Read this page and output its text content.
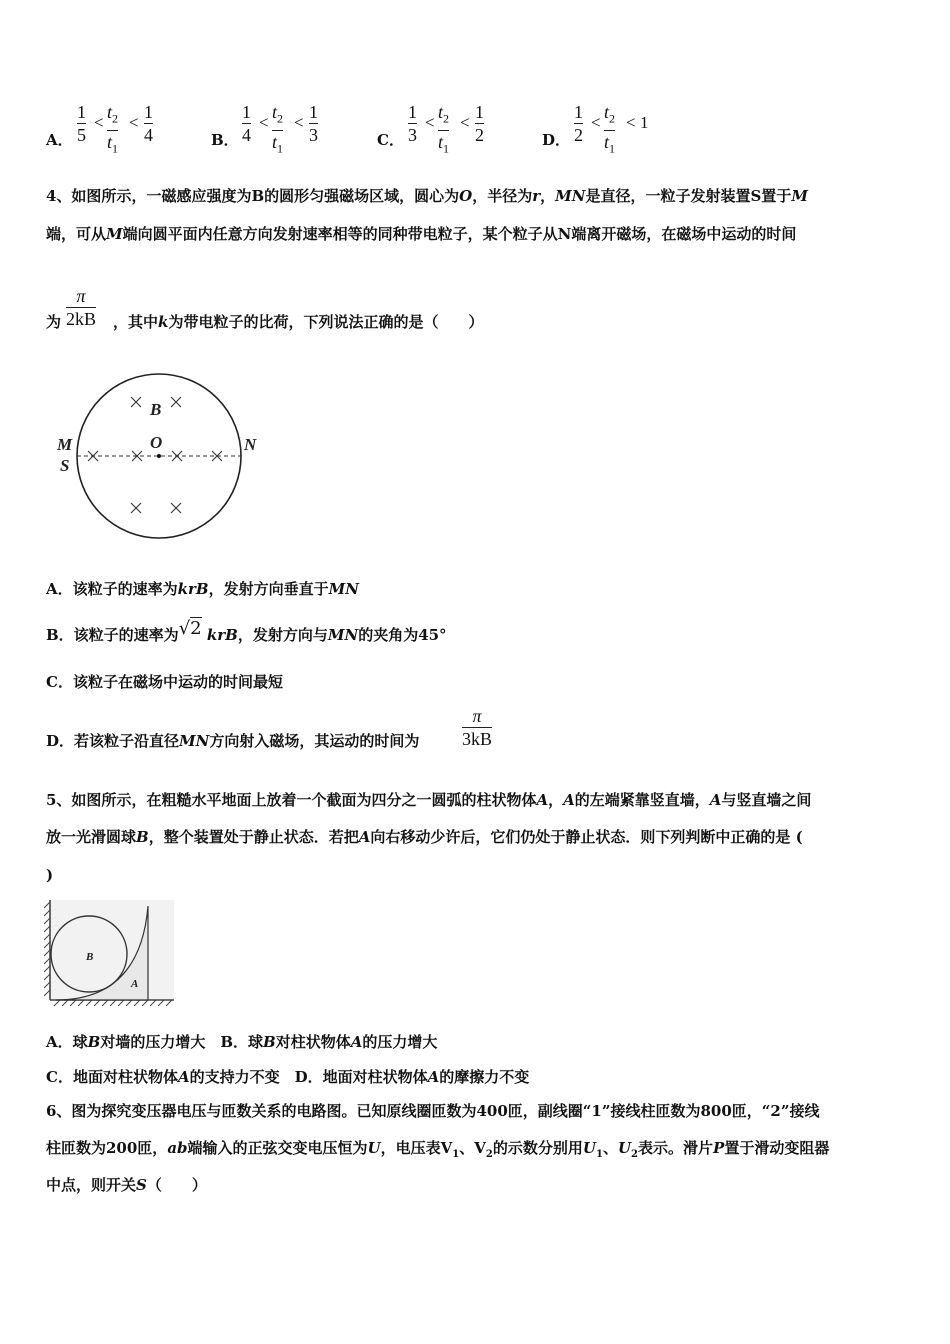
A．
1
5
<
$t_2$
$t_1$
<
1
4	B．
1
4
<
$t_2$
$t_1$
<
1
3	C．
1
3
<
$t_2$
$t_1$
<
1
2	D．
1
2
<
$t_2$
$t_1$
< 1
4、如图所示，一磁感应强度为B的圆形匀强磁场区域，圆心为O，半径为r，MN是直径，一粒子发射装置S置于M
端，可从M端向圆平面内任意方向发射速率相等的同种带电粒子，某个粒子从N端离开磁场，在磁场中运动的时间
为	，其中k为带电粒子的比荷，下列说法正确的是（　　）
π
2kB
B
O
M
S
N
A．该粒子的速率为krB，发射方向垂直于MN
B．该粒子的速率为√2 krB，发射方向与MN的夹角为45°
C．该粒子在磁场中运动的时间最短
D．若该粒子沿直径MN方向射入磁场，其运动的时间为
π
3kB
5、如图所示，在粗糙水平地面上放着一个截面为四分之一圆弧的柱状物体A，A的左端紧靠竖直墙，A与竖直墙之间
放一光滑圆球B，整个装置处于静止状态．若把A向右移动少许后，它们仍处于静止状态．则下列判断中正确的是 (
)
B
A
A．球B对墙的压力增大　B．球B对柱状物体A的压力增大
C．地面对柱状物体A的支持力不变　D．地面对柱状物体A的摩擦力不变
6、图为探究变压器电压与匝数关系的电路图。已知原线圈匝数为400匝，副线圈“1”接线柱匝数为800匝，“2”接线
柱匝数为200匝，ab端输入的正弦交变电压恒为U，电压表$V_1$、$V_2$的示数分别用$U_1$、$U_2$表示。滑片P置于滑动变阻器
中点，则开关S（　　）
